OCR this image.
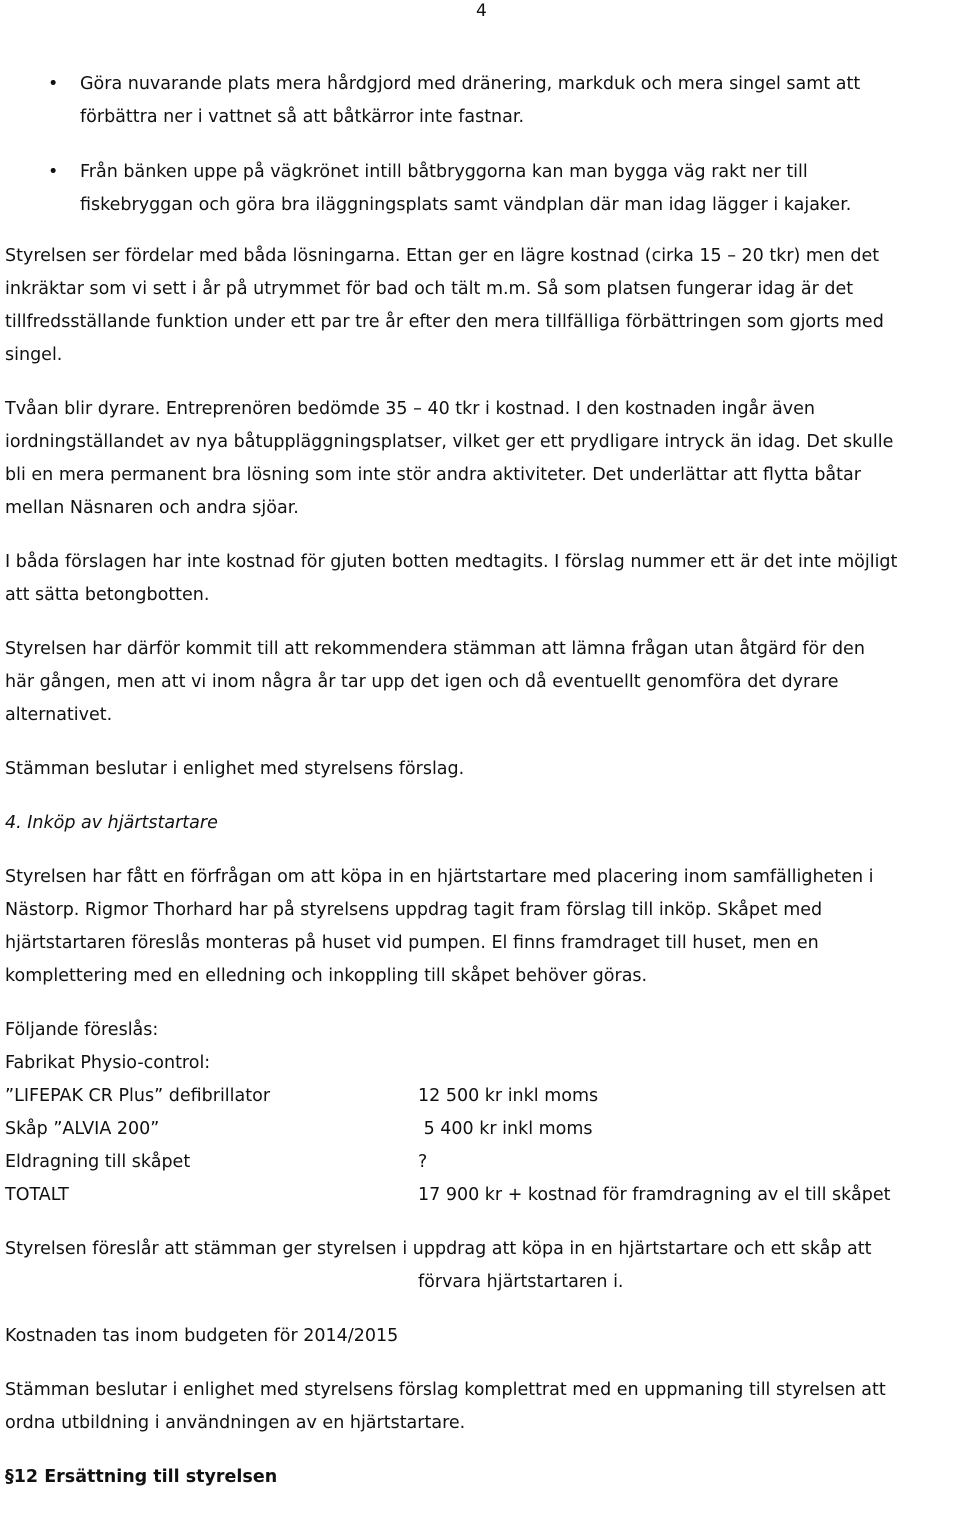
4
• Göra nuvarande plats mera hårdgjord med dränering, markduk och mera singel samt att
förbättra ner i vattnet så att båtkärror inte fastnar.
• Från bänken uppe på vägkrönet intill båtbryggorna kan man bygga väg rakt ner till
fiskebryggan och göra bra iläggningsplats samt vändplan där man idag lägger i kajaker.

Styrelsen ser fördelar med båda lösningarna. Ettan ger en lägre kostnad (cirka 15 – 20 tkr) men det
inkräktar som vi sett i år på utrymmet för bad och tält m.m. Så som platsen fungerar idag är det
tillfredsställande funktion under ett par tre år efter den mera tillfälliga förbättringen som gjorts med
singel.

Tvåan blir dyrare. Entreprenören bedömde 35 – 40 tkr i kostnad. I den kostnaden ingår även
iordningställandet av nya båtuppläggningsplatser, vilket ger ett prydligare intryck än idag. Det skulle
bli en mera permanent bra lösning som inte stör andra aktiviteter. Det underlättar att flytta båtar
mellan Näsnaren och andra sjöar.

I båda förslagen har inte kostnad för gjuten botten medtagits. I förslag nummer ett är det inte möjligt
att sätta betongbotten.

Styrelsen har därför kommit till att rekommendera stämman att lämna frågan utan åtgärd för den
här gången, men att vi inom några år tar upp det igen och då eventuellt genomföra det dyrare
alternativet.

Stämman beslutar i enlighet med styrelsens förslag.

4. Inköp av hjärtstartare

Styrelsen har fått en förfrågan om att köpa in en hjärtstartare med placering inom samfälligheten i
Nästorp. Rigmor Thorhard har på styrelsens uppdrag tagit fram förslag till inköp. Skåpet med
hjärtstartaren föreslås monteras på huset vid pumpen. El finns framdraget till huset, men en
komplettering med en elledning och inkoppling till skåpet behöver göras.

Följande föreslås:
Fabrikat Physio-control:
”LIFEPAK CR Plus” defibrillator	12 500 kr inkl moms
Skåp ”ALVIA 200”	5 400 kr inkl moms
Eldragning till skåpet	?
TOTALT	17 900 kr + kostnad för framdragning av el till skåpet

Styrelsen föreslår att stämman ger styrelsen i uppdrag att köpa in en hjärtstartare och ett skåp att
förvara hjärtstartaren i.

Kostnaden tas inom budgeten för 2014/2015

Stämman beslutar i enlighet med styrelsens förslag komplettrat med en uppmaning till styrelsen att
ordna utbildning i användningen av en hjärtstartare.

§12 Ersättning till styrelsen
